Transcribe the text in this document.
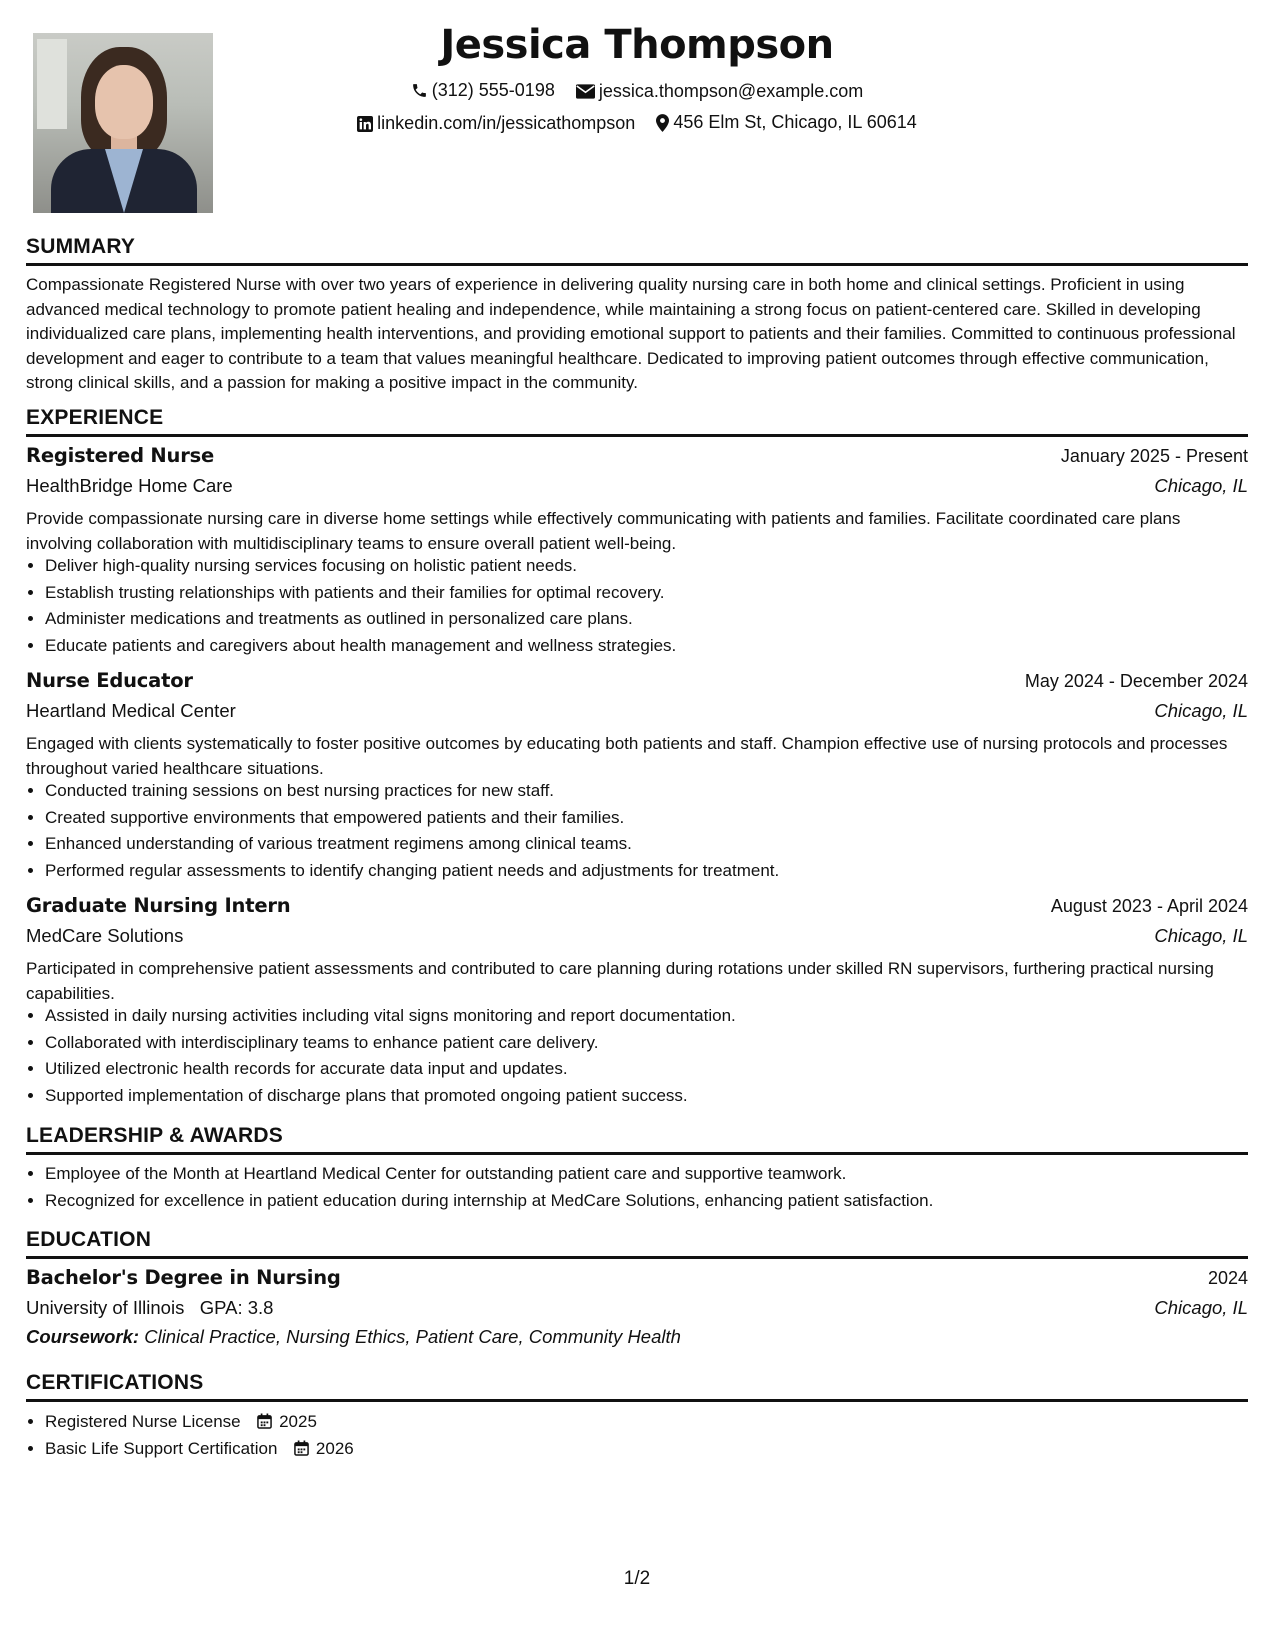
Jessica Thompson
(312) 555-0198
jessica.thompson@example.com
linkedin.com/in/jessicathompson
456 Elm St, Chicago, IL 60614
SUMMARY
Compassionate Registered Nurse with over two years of experience in delivering quality nursing care in both home and clinical settings. Proficient in using advanced medical technology to promote patient healing and independence, while maintaining a strong focus on patient-centered care. Skilled in developing individualized care plans, implementing health interventions, and providing emotional support to patients and their families. Committed to continuous professional development and eager to contribute to a team that values meaningful healthcare. Dedicated to improving patient outcomes through effective communication, strong clinical skills, and a passion for making a positive impact in the community.
EXPERIENCE
Registered Nurse	January 2025 - Present
HealthBridge Home Care	Chicago, IL
Provide compassionate nursing care in diverse home settings while effectively communicating with patients and families. Facilitate coordinated care plans involving collaboration with multidisciplinary teams to ensure overall patient well-being.
• Deliver high-quality nursing services focusing on holistic patient needs.
• Establish trusting relationships with patients and their families for optimal recovery.
• Administer medications and treatments as outlined in personalized care plans.
• Educate patients and caregivers about health management and wellness strategies.
Nurse Educator	May 2024 - December 2024
Heartland Medical Center	Chicago, IL
Engaged with clients systematically to foster positive outcomes by educating both patients and staff. Champion effective use of nursing protocols and processes throughout varied healthcare situations.
• Conducted training sessions on best nursing practices for new staff.
• Created supportive environments that empowered patients and their families.
• Enhanced understanding of various treatment regimens among clinical teams.
• Performed regular assessments to identify changing patient needs and adjustments for treatment.
Graduate Nursing Intern	August 2023 - April 2024
MedCare Solutions	Chicago, IL
Participated in comprehensive patient assessments and contributed to care planning during rotations under skilled RN supervisors, furthering practical nursing capabilities.
• Assisted in daily nursing activities including vital signs monitoring and report documentation.
• Collaborated with interdisciplinary teams to enhance patient care delivery.
• Utilized electronic health records for accurate data input and updates.
• Supported implementation of discharge plans that promoted ongoing patient success.
LEADERSHIP & AWARDS
• Employee of the Month at Heartland Medical Center for outstanding patient care and supportive teamwork.
• Recognized for excellence in patient education during internship at MedCare Solutions, enhancing patient satisfaction.
EDUCATION
Bachelor's Degree in Nursing	2024
University of Illinois GPA: 3.8	Chicago, IL
Coursework: Clinical Practice, Nursing Ethics, Patient Care, Community Health
CERTIFICATIONS
• Registered Nurse License 2025
• Basic Life Support Certification 2026
1/2
